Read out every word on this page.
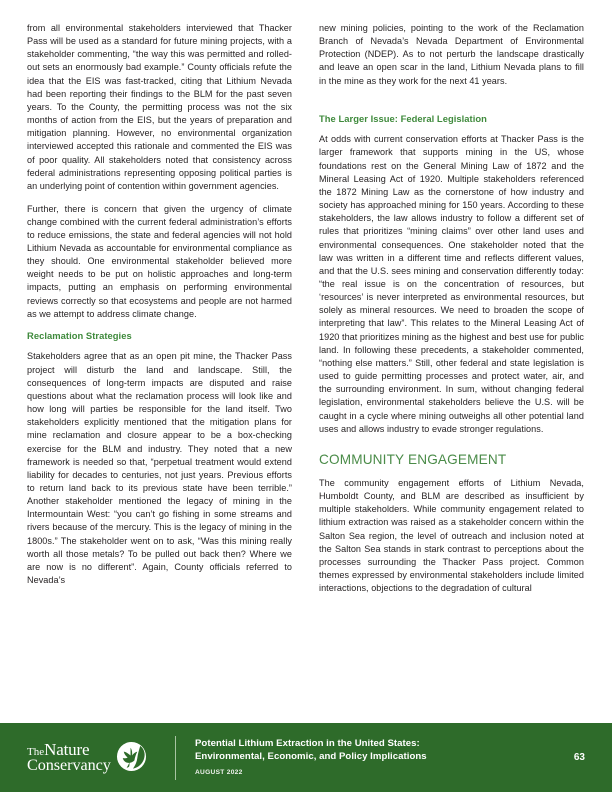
from all environmental stakeholders interviewed that Thacker Pass will be used as a standard for future mining projects, with a stakeholder commenting, “the way this was permitted and rolled-out sets an enormously bad example.” County officials refute the idea that the EIS was fast-tracked, citing that Lithium Nevada had been reporting their findings to the BLM for the past seven years. To the County, the permitting process was not the six months of action from the EIS, but the years of preparation and mitigation planning. However, no environmental organization interviewed accepted this rationale and commented the EIS was of poor quality. All stakeholders noted that consistency across federal administrations representing opposing political parties is an underlying point of contention within government agencies.

Further, there is concern that given the urgency of climate change combined with the current federal administration’s efforts to reduce emissions, the state and federal agencies will not hold Lithium Nevada as accountable for environmental compliance as they should. One environmental stakeholder believed more weight needs to be put on holistic approaches and long-term impacts, putting an emphasis on performing environmental reviews correctly so that ecosystems and people are not harmed as we attempt to address climate change.

Reclamation Strategies

Stakeholders agree that as an open pit mine, the Thacker Pass project will disturb the land and landscape. Still, the consequences of long-term impacts are disputed and raise questions about what the reclamation process will look like and how long will parties be responsible for the land itself. Two stakeholders explicitly mentioned that the mitigation plans for mine reclamation and closure appear to be a box-checking exercise for the BLM and industry. They noted that a new framework is needed so that, “perpetual treatment would extend liability for decades to centuries, not just years. Previous efforts to return land back to its previous state have been terrible.” Another stakeholder mentioned the legacy of mining in the Intermountain West: “you can’t go fishing in some streams and rivers because of the mercury. This is the legacy of mining in the 1800s.” The stakeholder went on to ask, “Was this mining really worth all those metals? To be pulled out back then? Where we are now is no different”. Again, County officials referred to Nevada’s

new mining policies, pointing to the work of the Reclamation Branch of Nevada’s Nevada Department of Environmental Protection (NDEP). As to not perturb the landscape drastically and leave an open scar in the land, Lithium Nevada plans to fill in the mine as they work for the next 41 years.

The Larger Issue: Federal Legislation

At odds with current conservation efforts at Thacker Pass is the larger framework that supports mining in the US, whose foundations rest on the General Mining Law of 1872 and the Mineral Leasing Act of 1920. Multiple stakeholders referenced the 1872 Mining Law as the cornerstone of how industry and society has approached mining for 150 years. According to these stakeholders, the law allows industry to follow a different set of rules that prioritizes “mining claims” over other land uses and environmental consequences. One stakeholder noted that the law was written in a different time and reflects different values, and that the U.S. sees mining and conservation differently today: “the real issue is on the concentration of resources, but ‘resources’ is never interpreted as environmental resources, but solely as mineral resources. We need to broaden the scope of interpreting that law”. This relates to the Mineral Leasing Act of 1920 that prioritizes mining as the highest and best use for public land. In following these precedents, a stakeholder commented, “nothing else matters.” Still, other federal and state legislation is used to guide permitting processes and protect water, air, and the surrounding environment. In sum, without changing federal legislation, environmental stakeholders believe the U.S. will be caught in a cycle where mining outweighs all other potential land uses and allows industry to evade stronger regulations.

COMMUNITY ENGAGEMENT

The community engagement efforts of Lithium Nevada, Humboldt County, and BLM are described as insufficient by multiple stakeholders. While community engagement related to lithium extraction was raised as a stakeholder concern within the Salton Sea region, the level of outreach and inclusion noted at the Salton Sea stands in stark contrast to perceptions about the processes surrounding the Thacker Pass project. Common themes expressed by environmental stakeholders include limited interactions, objections to the degradation of cultural

TheNature
Conservancy
Potential Lithium Extraction in the United States:
Environmental, Economic, and Policy Implications
AUGUST 2022
63
